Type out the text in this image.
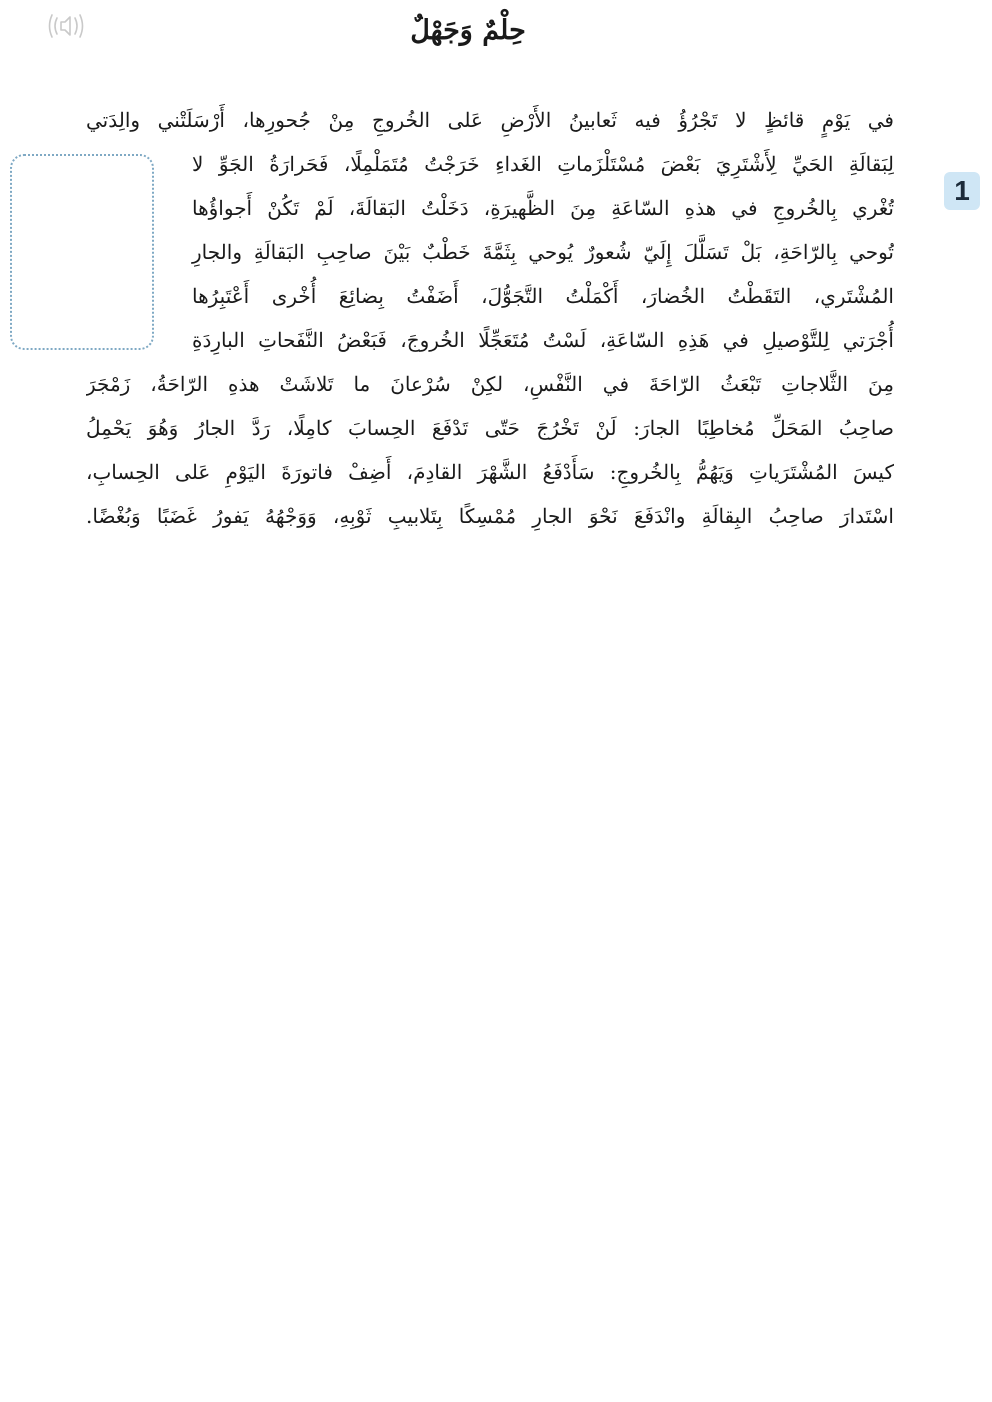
حِلْمٌ وَجَهْلٌ
1
في يَوْمٍ قائظٍ لا تَجْرُؤُ فيه ثَعابينُ الأَرْضِ عَلى الخُروجِ مِنْ جُحورِها، أَرْسَلَتْني والِدَتي
لِبَقالَةِ الحَيِّ لِأَشْتَرِيَ بَعْضَ مُسْتَلْزَماتِ الغَداءِ خَرَجْتُ مُتَمَلْمِلًا، فَحَرارَةُ الجَوِّ لا
تُغْري بِالخُروجِ في هذهِ السّاعَةِ مِنَ الظَّهيرَةِ، دَخَلْتُ البَقالَةَ، لَمْ تَكُنْ أَجواؤُها
تُوحي بِالرّاحَةِ، بَلْ تَسَلَّلَ إِلَيّ شُعورٌ يُوحي بِثَمَّةَ خَطْبٌ بَيْنَ صاحِبِ البَقالَةِ والجارِ
المُشْتَري، التَقَطْتُ الخُضارَ، أَكْمَلْتُ التَّجَوُّلَ، أَضَفْتُ بِضائِعَ أُخْرى أَعْتَبِرُها
أُجْرَتي لِلتَّوْصيلِ في هَذِهِ السّاعَةِ، لَسْتُ مُتَعَجِّلًا الخُروجَ، فَبَعْضُ النَّفَحاتِ البارِدَةِ
مِنَ الثَّلاجاتِ تَبْعَثُ الرّاحَةَ في النَّفْسِ، لكِنْ سُرْعانَ ما تَلاشَتْ هذهِ الرّاحَةُ، زَمْجَرَ
صاحِبُ المَحَلِّ مُخاطِبًا الجارَ: لَنْ تَخْرُجَ حَتّى تَدْفَعَ الحِسابَ كامِلًا، رَدَّ الجارُ وَهُوَ يَحْمِلُ
كيسَ المُشْتَرَياتِ وَيَهُمُّ بِالخُروجِ: سَأَدْفَعُ الشَّهْرَ القادِمَ، أَضِفْ فاتورَةَ اليَوْمِ عَلى الحِسابِ،
اسْتَدارَ صاحِبُ البِقالَةِ وانْدَفَعَ نَحْوَ الجارِ مُمْسِكًا بِتَلابيبِ ثَوْبِهِ، وَوَجْهُهُ يَفورُ غَضَبًا وَبُغْضًا.
